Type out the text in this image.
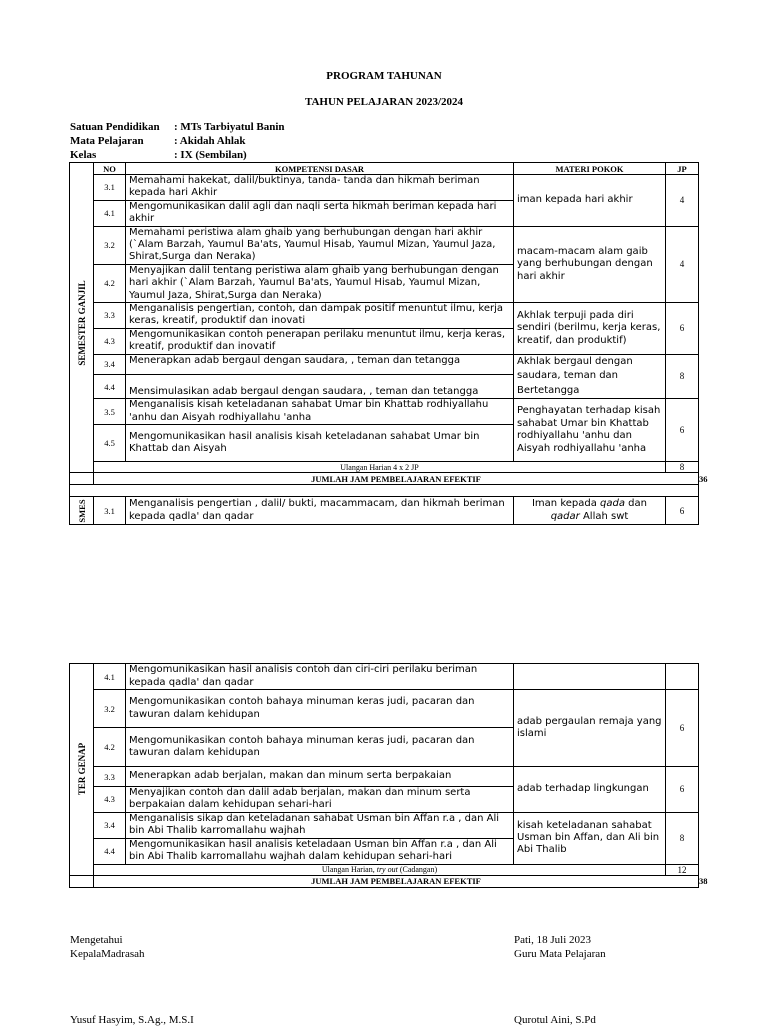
PROGRAM TAHUNAN
TAHUN PELAJARAN 2023/2024
Satuan Pendidikan : MTs Tarbiyatul Banin
Mata Pelajaran	: Akidah Ahlak
Kelas	: IX (Sembilan)
	NO	KOMPETENSI DASAR	MATERI POKOK	JP	

SEMESTER GANJIL	3.1	Memahami hakekat, dalil/buktinya, tanda- tanda dan hikmah beriman kepada hari Akhir	iman kepada hari akhir	4	
	4.1	Mengomunikasikan dalil agli dan naqli serta hikmah beriman kepada hari akhir			
	3.2	Memahami peristiwa alam ghaib yang berhubungan dengan hari akhir (`Alam Barzah, Yaumul Ba'ats, Yaumul Hisab, Yaumul Mizan, Yaumul Jaza, Shirat,Surga dan Neraka)	macam-macam alam gaib yang berhubungan dengan hari akhir	4	
	4.2	Menyajikan dalil tentang peristiwa alam ghaib yang berhubungan dengan hari akhir (`Alam Barzah, Yaumul Ba'ats, Yaumul Hisab, Yaumul Mizan, Yaumul Jaza, Shirat,Surga dan Neraka)			
	3.3	Menganalisis pengertian, contoh, dan dampak positif menuntut ilmu, kerja keras, kreatif, produktif dan inovati	Akhlak terpuji pada diri sendiri (berilmu, kerja keras, kreatif, dan produktif)	6	
	4.3	Mengomunikasikan contoh penerapan perilaku menuntut ilmu, kerja keras, kreatif, produktif dan inovatif			
	3.4	Menerapkan adab bergaul dengan saudara, , teman dan tetangga	Akhlak bergaul dengan saudara, teman dan Bertetangga	8	
	4.4	Mensimulasikan adab bergaul dengan saudara, , teman dan tetangga			
	3.5	Menganalisis kisah keteladanan sahabat Umar bin Khattab rodhiyallahu 'anhu dan Aisyah rodhiyallahu 'anha	Penghayatan terhadap kisah sahabat Umar bin Khattab rodhiyallahu 'anhu dan Aisyah rodhiyallahu 'anha	6	
	4.5	Mengomunikasikan hasil analisis kisah keteladanan sahabat Umar bin Khattab dan Aisyah			
	Ulangan Harian 4 x 2 JP			8	
	JUMLAH JAM PEMBELAJARAN EFEKTIF				36

SMES	3.1	Menganalisis pengertian , dalil/ bukti, macammacam, dan hikmah beriman kepada qadla' dan qadar	Iman kepada qada dan qadar Allah swt	6	
TER GENAP	4.1	Mengomunikasikan hasil analisis contoh dan ciri-ciri perilaku beriman kepada qadla' dan qadar			
	3.2	Mengomunikasikan contoh bahaya minuman keras judi, pacaran dan tawuran dalam kehidupan	adab pergaulan remaja yang islami	6	
	4.2	Mengomunikasikan contoh bahaya minuman keras judi, pacaran dan tawuran dalam kehidupan			
	3.3	Menerapkan adab berjalan, makan dan minum serta berpakaian	adab terhadap lingkungan	6	
	4.3	Menyajikan contoh dan dalil adab berjalan, makan dan minum serta berpakaian dalam kehidupan sehari-hari			
	3.4	Menganalisis sikap dan keteladanan sahabat Usman bin Affan r.a , dan Ali bin Abi Thalib karromallahu wajhah	kisah keteladanan sahabat Usman bin Affan, dan Ali bin Abi Thalib	8	
	4.4	Mengomunikasikan hasil analisis keteladaan Usman bin Affan r.a , dan Ali bin Abi Thalib karromallahu wajhah dalam kehidupan sehari-hari			
	Ulangan Harian, try out (Cadangan)			12	
	JUMLAH JAM PEMBELAJARAN EFEKTIF				38
Mengetahui
KepalaMadrasah
Pati, 18 Juli 2023
Guru Mata Pelajaran
Yusuf Hasyim, S.Ag., M.S.I	Qurotul Aini, S.Pd
